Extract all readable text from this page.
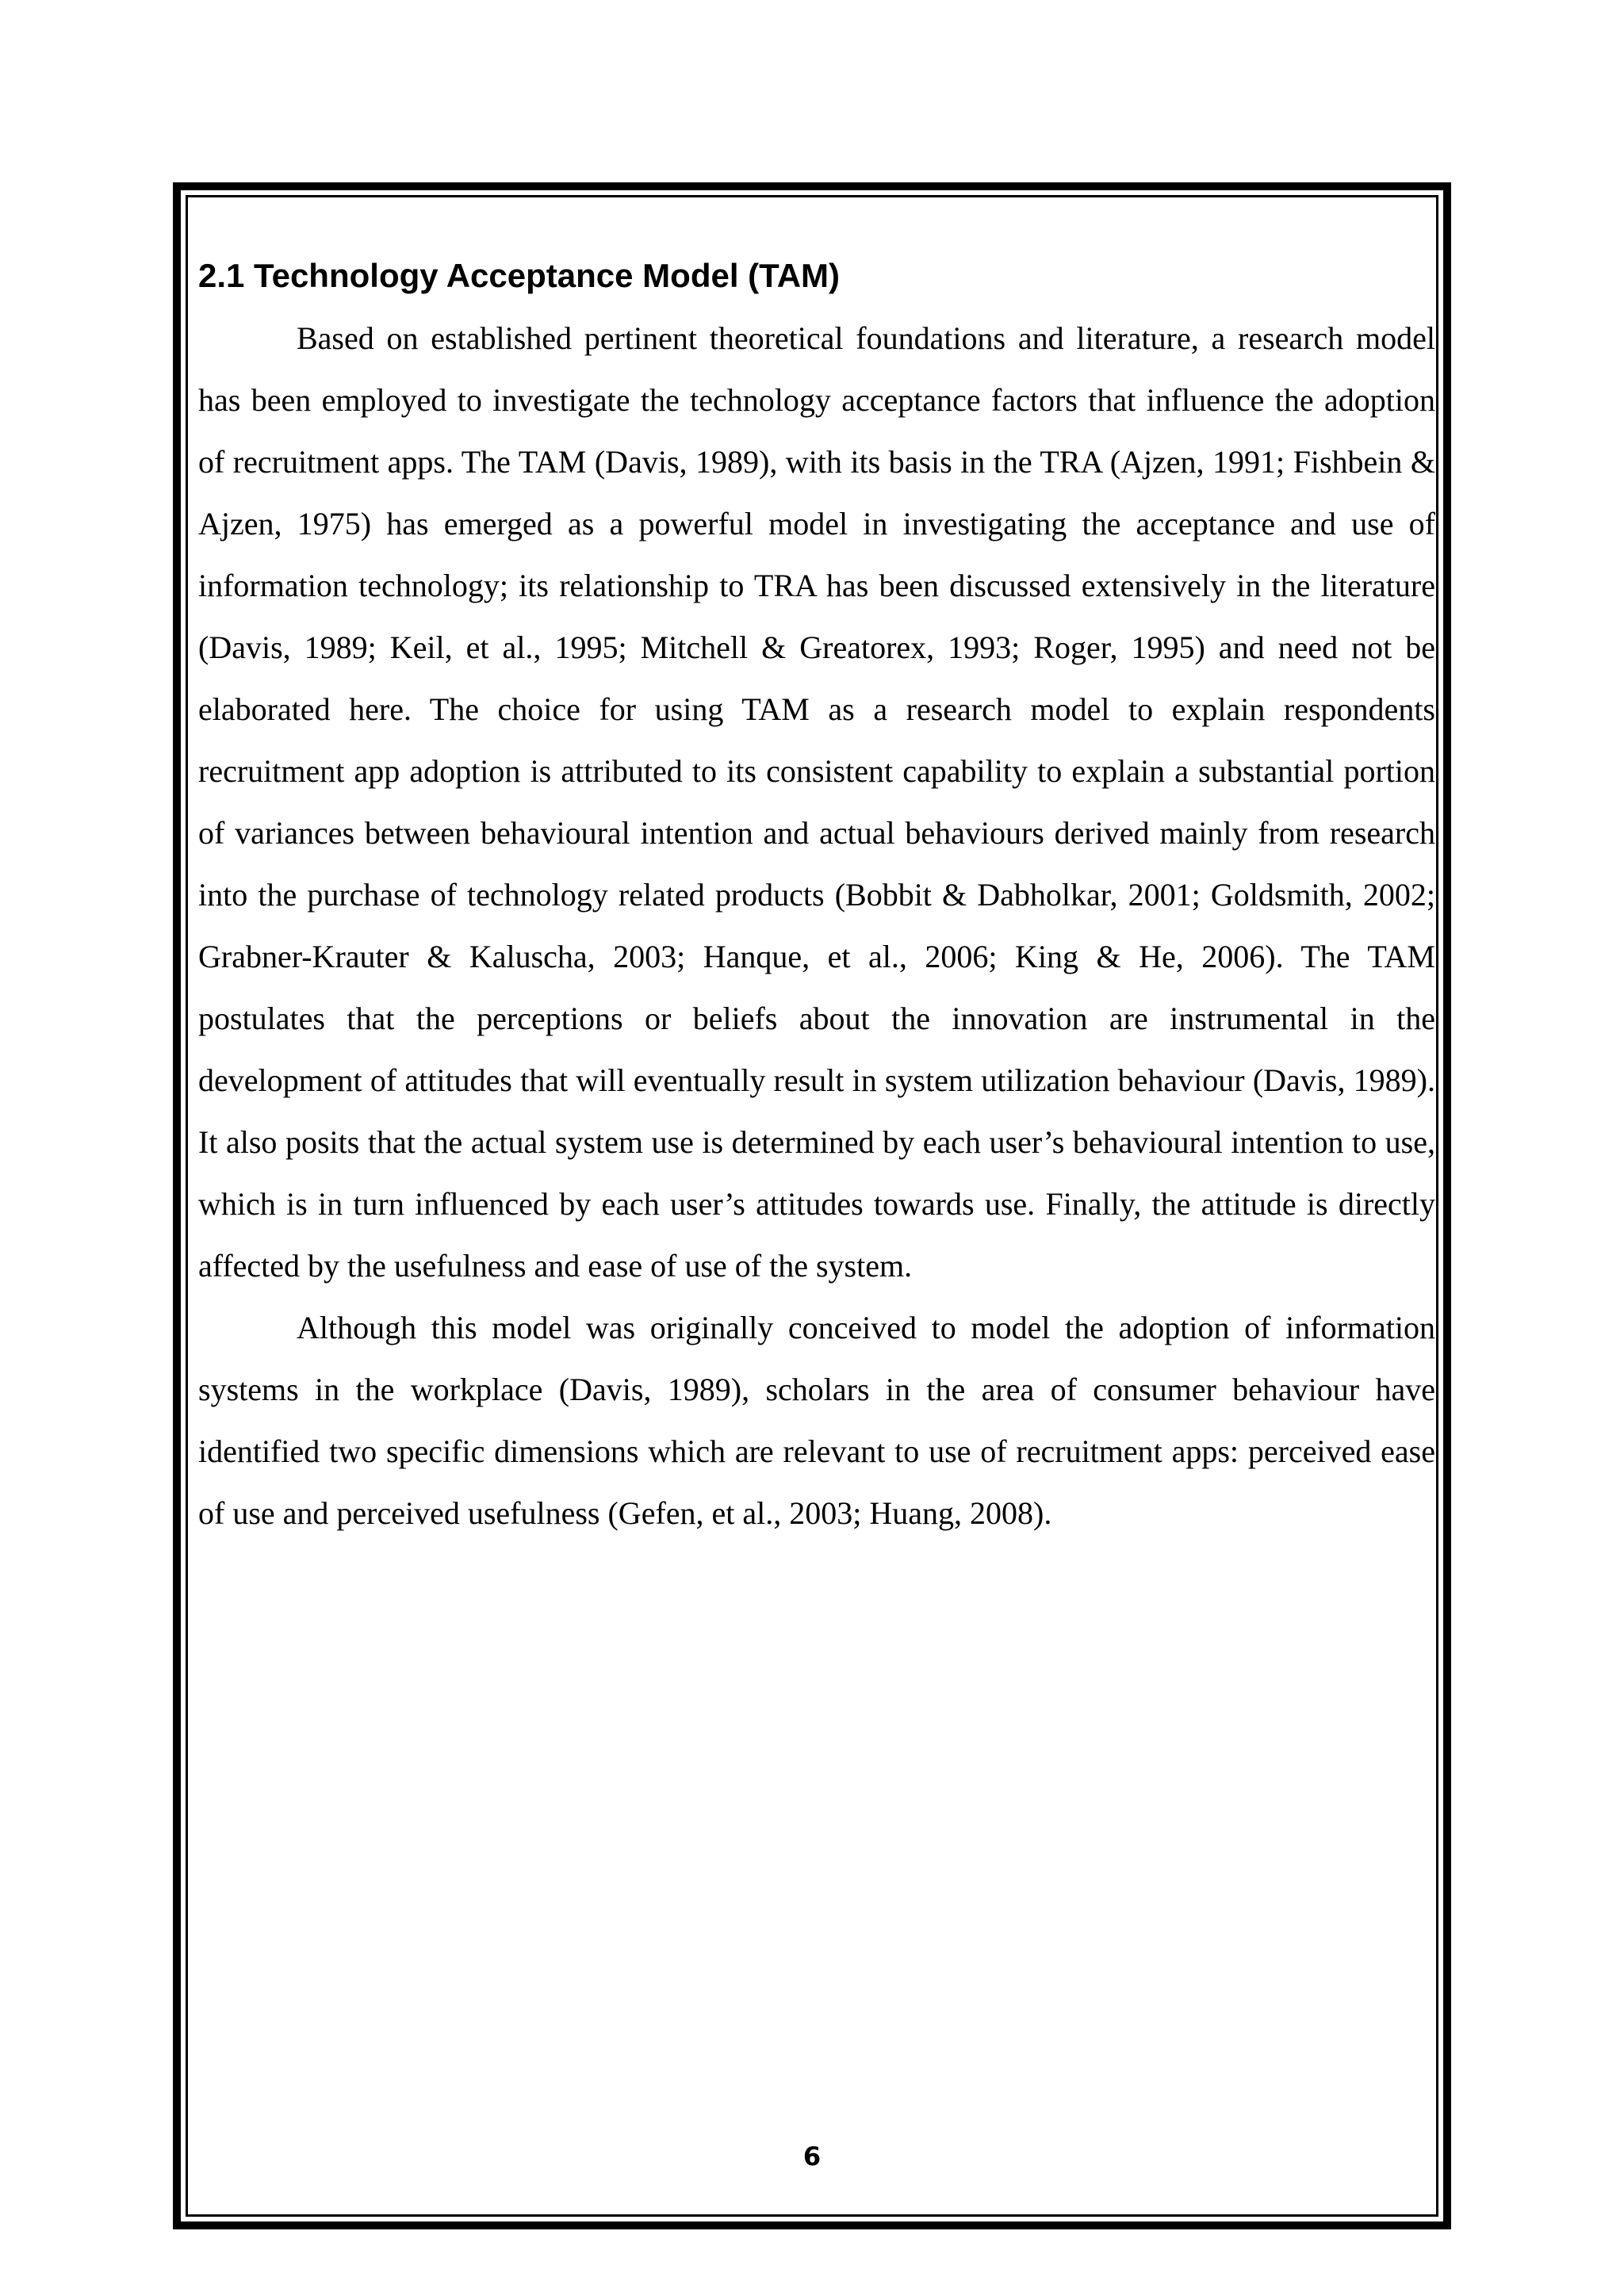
2.1 Technology Acceptance Model (TAM)

Based on established pertinent theoretical foundations and literature, a research model has been employed to investigate the technology acceptance factors that influence the adoption of recruitment apps. The TAM (Davis, 1989), with its basis in the TRA (Ajzen, 1991; Fishbein & Ajzen, 1975) has emerged as a powerful model in investigating the acceptance and use of information technology; its relationship to TRA has been discussed extensively in the literature (Davis, 1989; Keil, et al., 1995; Mitchell & Greatorex, 1993; Roger, 1995) and need not be elaborated here. The choice for using TAM as a research model to explain respondents recruitment app adoption is attributed to its consistent capability to explain a substantial portion of variances between behavioural intention and actual behaviours derived mainly from research into the purchase of technology related products (Bobbit & Dabholkar, 2001; Goldsmith, 2002; Grabner-Krauter & Kaluscha, 2003; Hanque, et al., 2006; King & He, 2006). The TAM postulates that the perceptions or beliefs about the innovation are instrumental in the development of attitudes that will eventually result in system utilization behaviour (Davis, 1989). It also posits that the actual system use is determined by each user’s behavioural intention to use, which is in turn influenced by each user’s attitudes towards use. Finally, the attitude is directly affected by the usefulness and ease of use of the system.

Although this model was originally conceived to model the adoption of information systems in the workplace (Davis, 1989), scholars in the area of consumer behaviour have identified two specific dimensions which are relevant to use of recruitment apps: perceived ease of use and perceived usefulness (Gefen, et al., 2003; Huang, 2008).

6
